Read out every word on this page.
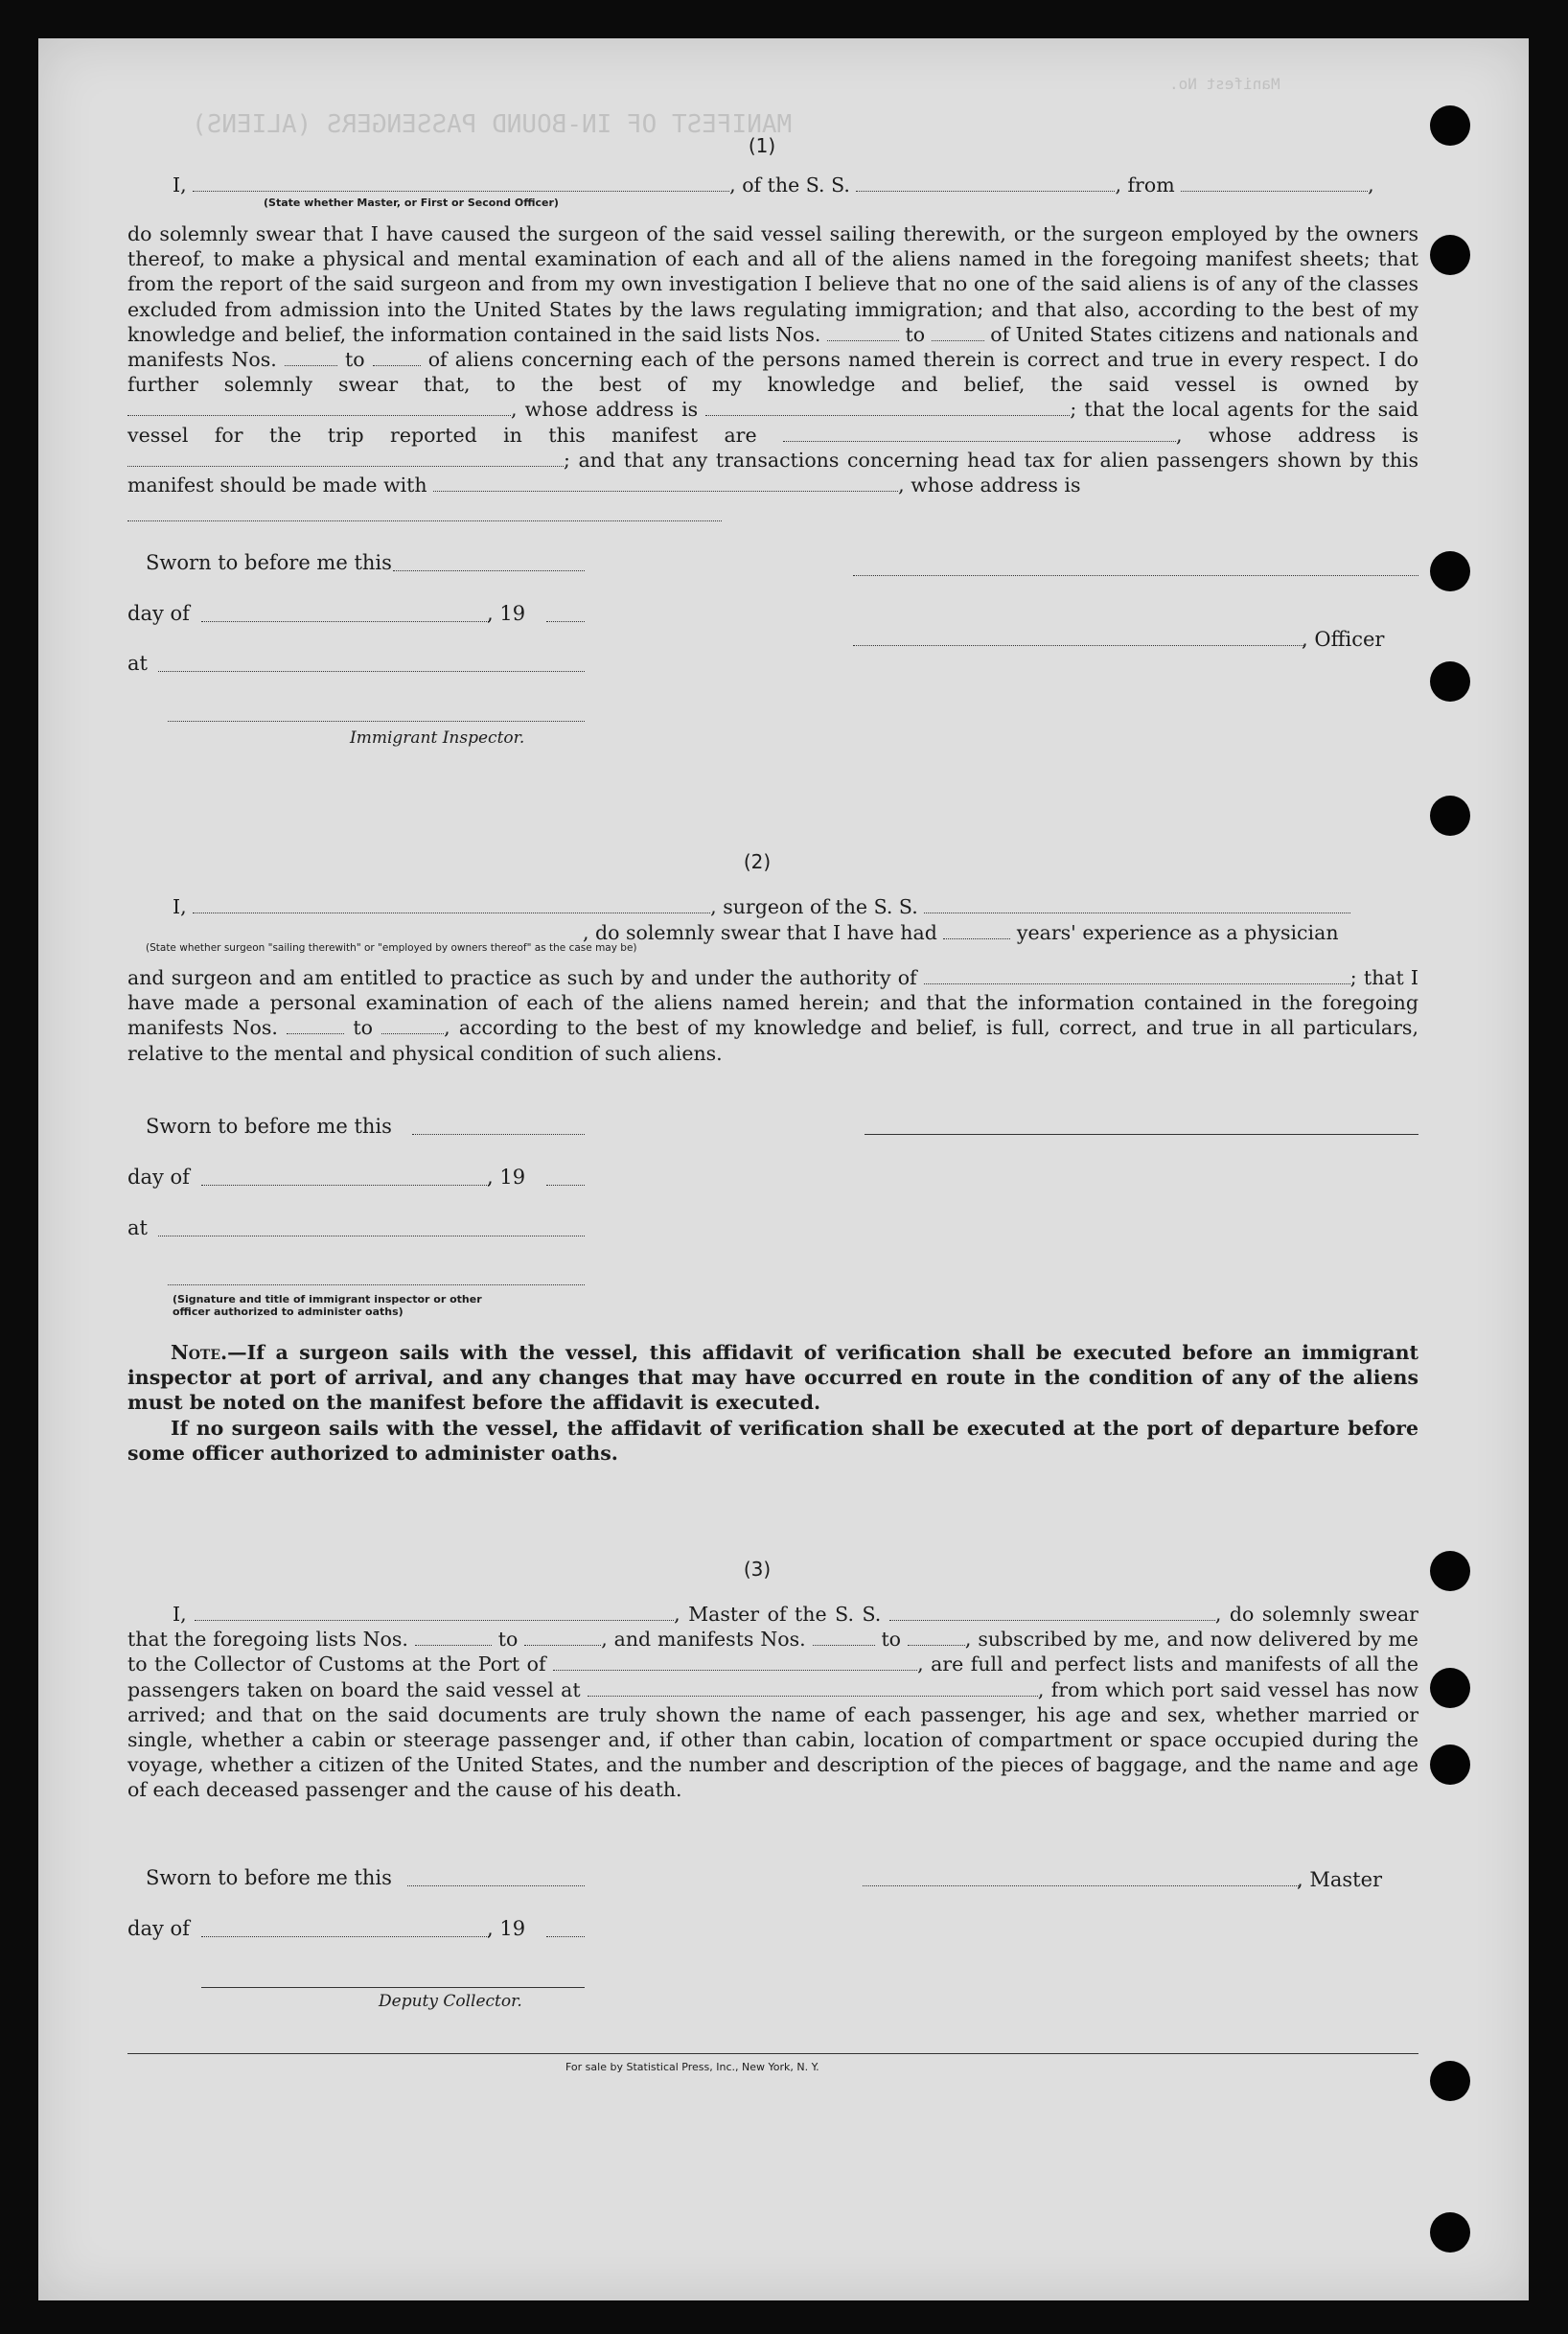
MANIFEST OF IN-BOUND PASSENGERS (ALIENS)
Manifest No.
(1)
I,	, of the S. S.	, from	,
(State whether Master, or First or Second Officer)

do solemnly swear that I have caused the surgeon of the said vessel sailing therewith, or the surgeon employed by the owners thereof, to make a physical and mental examination of each and all of the aliens named in the foregoing manifest sheets; that from the report of the said surgeon and from my own investigation I believe that no one of the said aliens is of any of the classes excluded from admission into the United States by the laws regulating immigration; and that also, according to the best of my knowledge and belief, the information contained in the said lists Nos.	to	of United States citizens and nationals and manifests Nos.	to	of aliens concerning each of the persons named therein is correct and true in every respect. I do further solemnly swear that, to the best of my knowledge and belief, the said vessel is owned by , whose address is	; that the local agents for the said vessel for the trip reported in this manifest are	, whose address is ; and that any transactions concerning head tax for alien passengers shown by this manifest should be made with	, whose address is

Sworn to before me this
day of	, 19
at
Immigrant Inspector.
, Officer
(2)
I,	, surgeon of the S. S.
, do solemnly swear that I have had	years' experience as a physician
(State whether surgeon "sailing therewith" or "employed by owners thereof" as the case may be)

and surgeon and am entitled to practice as such by and under the authority of	; that I have made a personal examination of each of the aliens named herein; and that the information contained in the foregoing manifests Nos.	to	, according to the best of my knowledge and belief, is full, correct, and true in all particulars, relative to the mental and physical condition of such aliens.

Sworn to before me this
day of	, 19
at
(Signature and title of immigrant inspector or other officer authorized to administer oaths)

Note.—If a surgeon sails with the vessel, this affidavit of verification shall be executed before an immigrant inspector at port of arrival, and any changes that may have occurred en route in the condition of any of the aliens must be noted on the manifest before the affidavit is executed.

If no surgeon sails with the vessel, the affidavit of verification shall be executed at the port of departure before some officer authorized to administer oaths.

(3)

I,	, Master of the S. S.	, do solemnly swear that the foregoing lists Nos.	to	, and manifests Nos.	to	, subscribed by me, and now delivered by me to the Collector of Customs at the Port of	, are full and perfect lists and manifests of all the passengers taken on board the said vessel at	, from which port said vessel has now arrived; and that on the said documents are truly shown the name of each passenger, his age and sex, whether married or single, whether a cabin or steerage passenger and, if other than cabin, location of compartment or space occupied during the voyage, whether a citizen of the United States, and the number and description of the pieces of baggage, and the name and age of each deceased passenger and the cause of his death.

Sworn to before me this	, Master
day of	, 19
Deputy Collector.
For sale by Statistical Press, Inc., New York, N. Y.
